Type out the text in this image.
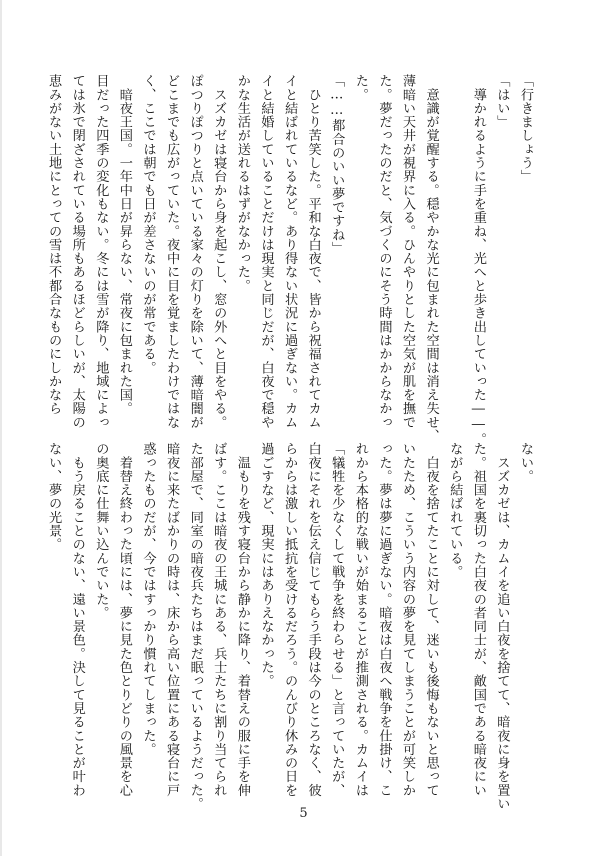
「行きましょう」

「はい」

　導かれるように手を重ね、光へと歩き出していった――。

　意識が覚醒する。穏やかな光に包まれた空間は消え失せ、

薄暗い天井が視界に入る。ひんやりとした空気が肌を撫で

た。夢だったのだと、気づくのにそう時間はかからなかっ

た。

「……都合のいい夢ですね」

　ひとり苦笑した。平和な白夜で、皆から祝福されてカム

イと結ばれているなど。あり得ない状況に過ぎない。カム

イと結婚していることだけは現実と同じだが、白夜で穏や

かな生活が送れるはずがなかった。

　スズカゼは寝台から身を起こし、窓の外へと目をやる。

ぽつりぽつりと点いている家々の灯りを除いて、薄暗闇が

どこまでも広がっていた。夜中に目を覚ましたわけではな

く、ここでは朝でも日が差さないのが常である。

　暗夜王国。一年中日が昇らない、常夜に包まれた国。

目だった四季の変化もない。冬には雪が降り、地域によっ

ては氷で閉ざされている場所もあるほどらしいが、太陽の

恵みがない土地にとっての雪は不都合なものにしかなら

ない。

　スズカゼは、カムイを追い白夜を捨てて、暗夜に身を置い

た。祖国を裏切った白夜の者同士が、敵国である暗夜にい

ながら結ばれている。

　白夜を捨てたことに対して、迷いも後悔もないと思って

いたため、こういう内容の夢を見てしまうことが可笑しか

った。夢は夢に過ぎない。暗夜は白夜へ戦争を仕掛け、こ

れから本格的な戦いが始まることが推測される。カムイは

「犠牲を少なくして戦争を終わらせる」と言っていたが、

白夜にそれを伝え信じてもらう手段は今のところなく、彼

らからは激しい抵抗を受けるだろう。のんびり休みの日を

過ごすなど、現実にはありえなかった。

　温もりを残す寝台から静かに降り、着替えの服に手を伸

ばす。ここは暗夜の王城にある、兵士たちに割り当てられ

た部屋で、同室の暗夜兵たちはまだ眠っているようだった。

暗夜に来たばかりの時は、床から高い位置にある寝台に戸

惑ったものだが、今ではすっかり慣れてしまった。

　着替え終わった頃には、夢に見た色とりどりの風景を心

の奥底に仕舞い込んでいた。

　もう戻ることのない、遠い景色。決して見ることが叶わ

ない、夢の光景。

5
